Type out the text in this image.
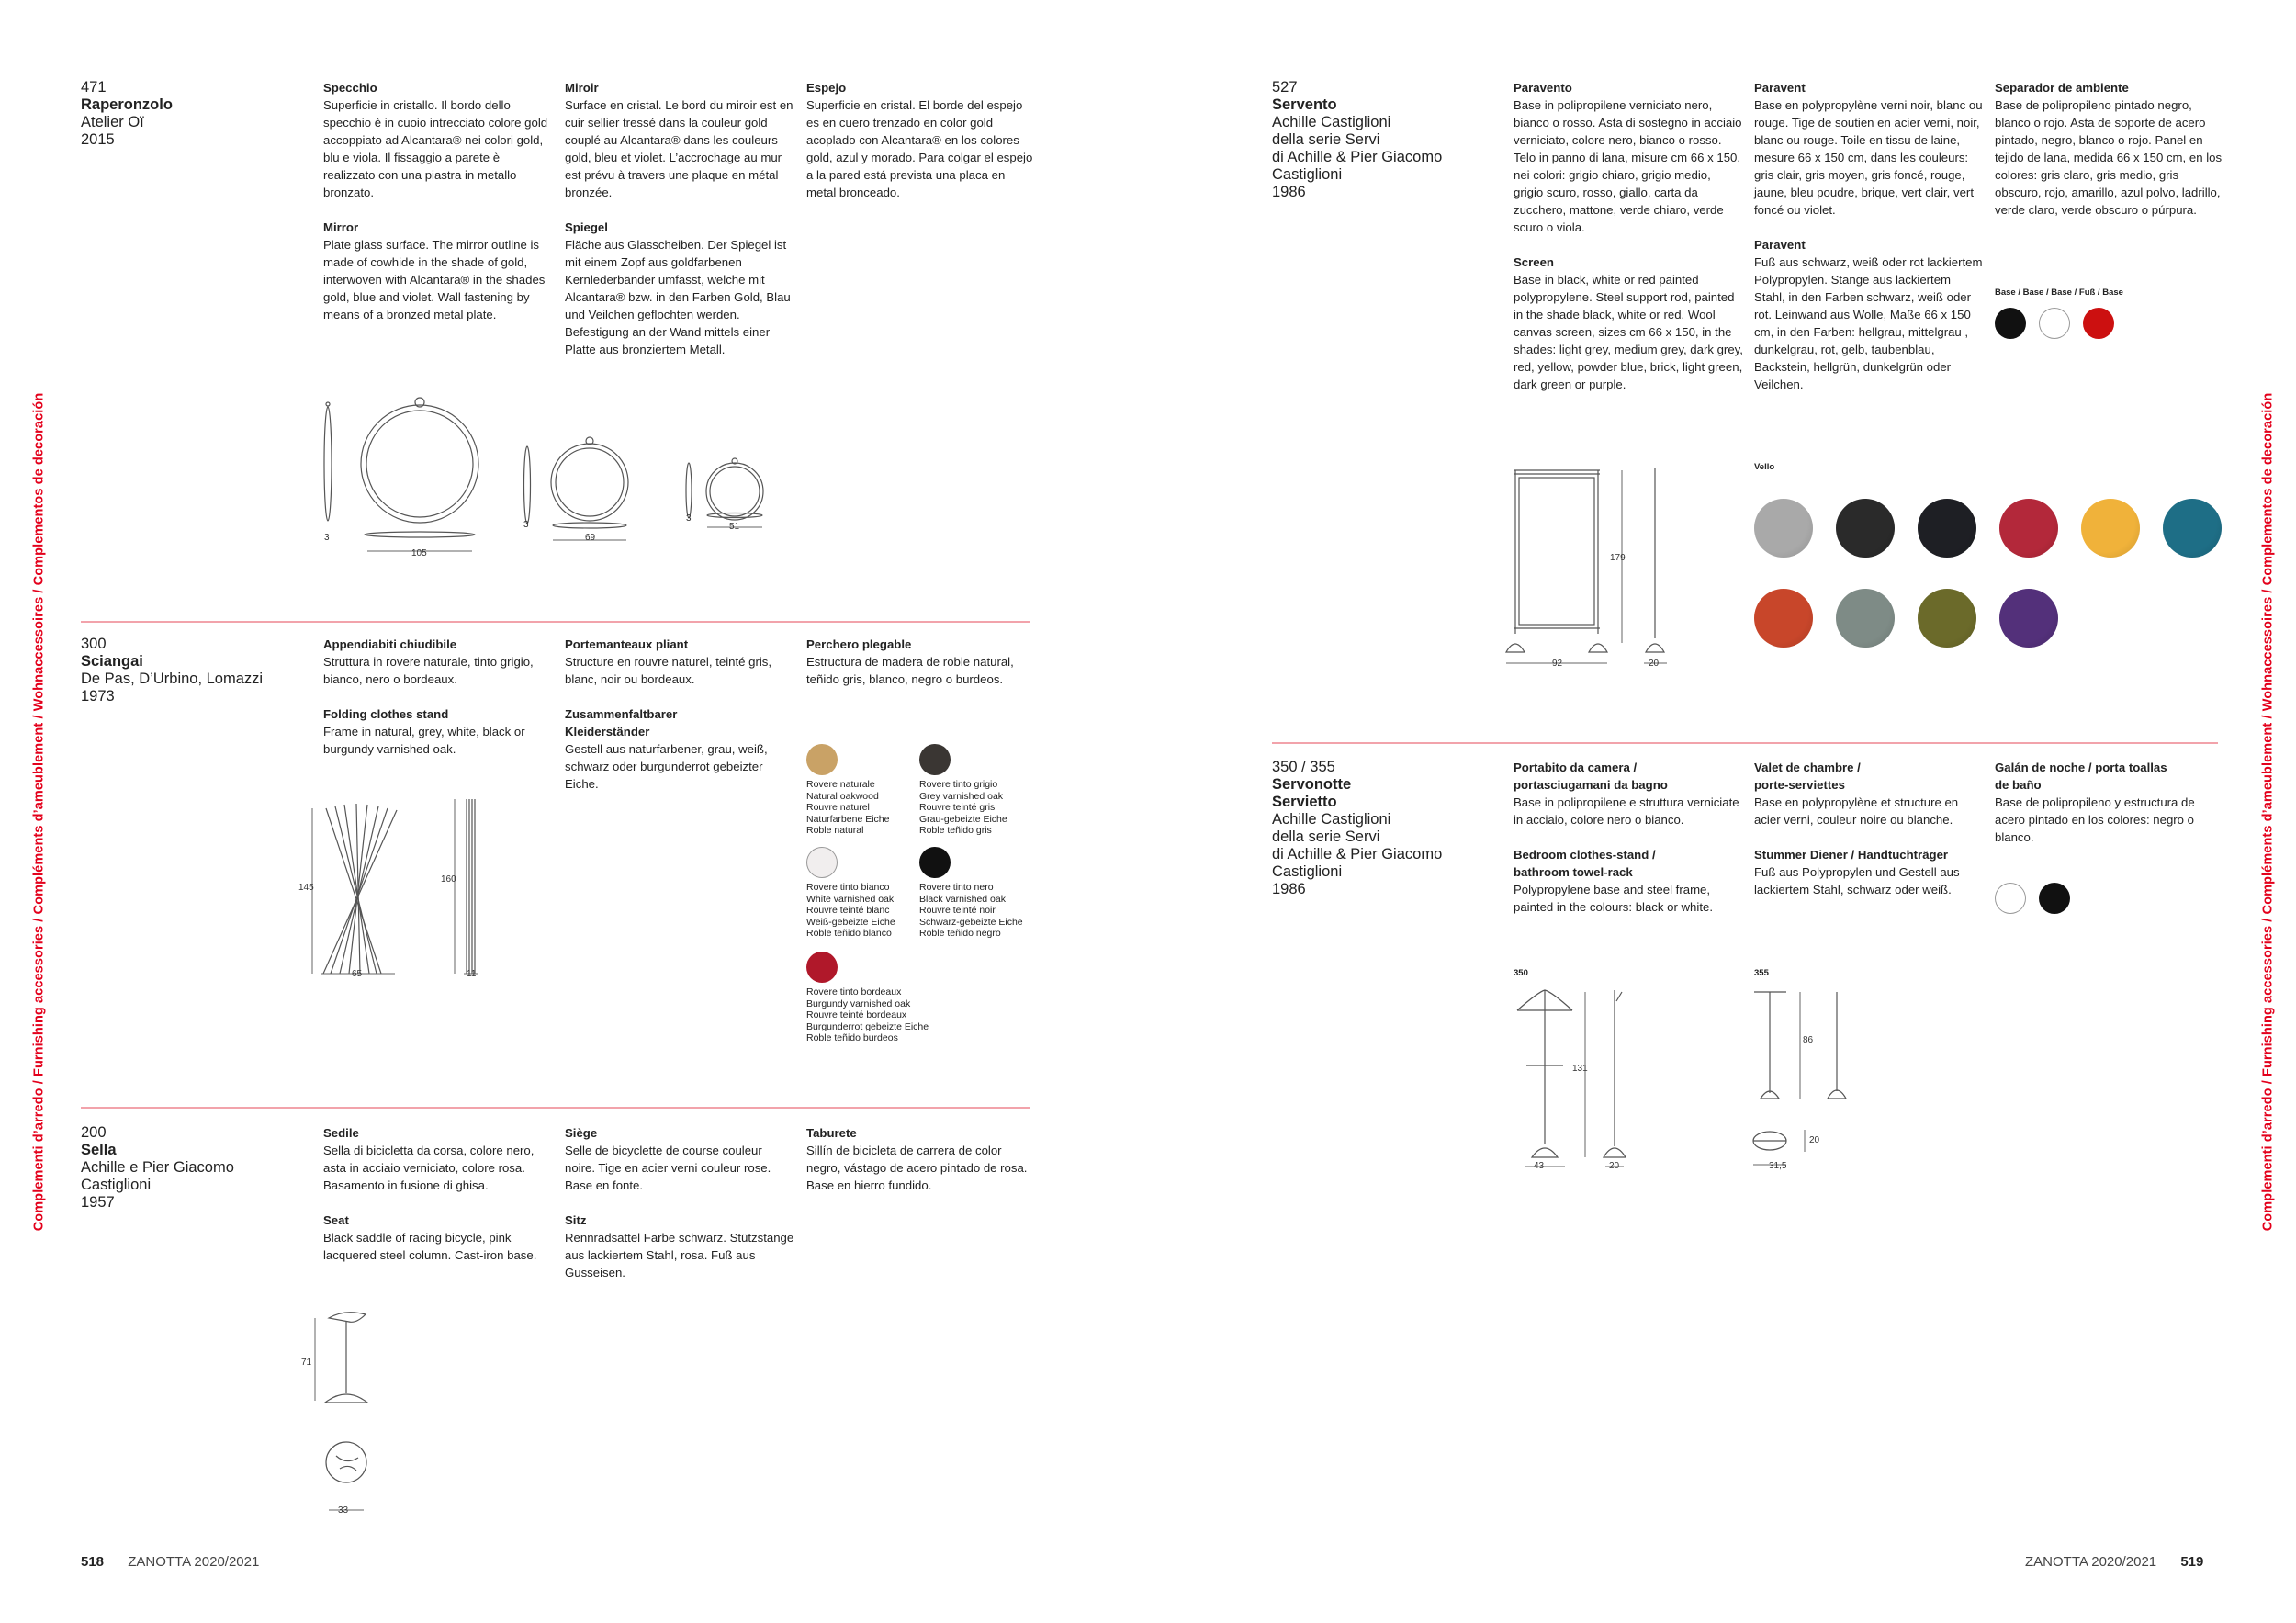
Complementi d’arredo / Furnishing accessories / Compléments d’ameublement / Wohnaccessoires / Complementos de decoración	Complementi d’arredo / Furnishing accessories / Compléments d’ameublement / Wohnaccessoires / Complementos de decoración
471
Raperonzolo
Atelier Oï
2015
Specchio

Superficie in cristallo. Il bordo dello specchio è in cuoio intrecciato colore gold accoppiato ad Alcantara® nei colori gold, blu e viola. Il fissaggio a parete è realizzato con una piastra in metallo bronzato.

Mirror

Plate glass surface. The mirror outline is made of cowhide in the shade of gold, interwoven with Alcantara® in the shades gold, blue and violet. Wall fastening by means of a bronzed metal plate.

Miroir

Surface en cristal. Le bord du miroir est en cuir sellier tressé dans la couleur gold couplé au Alcantara® dans les couleurs gold, bleu et violet. L’accrochage au mur est prévu à travers une plaque en métal bronzée.

Spiegel

Fläche aus Glasscheiben. Der Spiegel ist mit einem Zopf aus goldfarbenen Kernlederbänder umfasst, welche mit Alcantara® bzw. in den Farben Gold, Blau und Veilchen geflochten werden. Befestigung an der Wand mittels einer Platte aus bronziertem Metall.

Espejo

Superficie en cristal. El borde del espejo es en cuero trenzado en color gold acoplado con Alcantara® en los colores gold, azul y morado. Para colgar el espejo a la pared está prevista una placa en metal bronceado.

3
105
3
69
3
51
300
Sciangai
De Pas, D’Urbino, Lomazzi
1973
Appendiabiti chiudibile

Struttura in rovere naturale, tinto grigio, bianco, nero o bordeaux.

Folding clothes stand

Frame in natural, grey, white, black or burgundy varnished oak.

Portemanteaux pliant

Structure en rouvre naturel, teinté gris, blanc, noir ou bordeaux.

Zusammenfaltbarer
Kleiderständer

Gestell aus naturfarbener, grau, weiß, schwarz oder burgunderrot gebeizter Eiche.

Perchero plegable

Estructura de madera de roble natural, teñido gris, blanco, negro o burdeos.

145
65
160
11
Rovere naturale
Natural oakwood
Rouvre naturel
Naturfarbene Eiche
Roble natural
Rovere tinto grigio
Grey varnished oak
Rouvre teinté gris
Grau-gebeizte Eiche
Roble teñido gris
Rovere tinto bianco
White varnished oak
Rouvre teinté blanc
Weiß-gebeizte Eiche
Roble teñido blanco
Rovere tinto nero
Black varnished oak
Rouvre teinté noir
Schwarz-gebeizte Eiche
Roble teñido negro
Rovere tinto bordeaux
Burgundy varnished oak
Rouvre teinté bordeaux
Burgunderrot gebeizte Eiche
Roble teñido burdeos
200
Sella
Achille e Pier Giacomo
Castiglioni
1957
Sedile

Sella di bicicletta da corsa, colore nero, asta in acciaio verniciato, colore rosa. Basamento in fusione di ghisa.

Seat

Black saddle of racing bicycle, pink lacquered steel column. Cast-iron base.

Siège

Selle de bicyclette de course couleur noire. Tige en acier verni couleur rose. Base en fonte.

Sitz

Rennradsattel Farbe schwarz. Stützstange aus lackiertem Stahl, rosa. Fuß aus Gusseisen.

Taburete

Sillín de bicicleta de carrera de color negro, vástago de acero pintado de rosa. Base en hierro fundido.

71
33
518 ZANOTTA 2020/2021
527
Servento
Achille Castiglioni
della serie Servi
di Achille & Pier Giacomo
Castiglioni
1986
Paravento

Base in polipropilene verniciato nero, bianco o rosso. Asta di sostegno in acciaio verniciato, colore nero, bianco o rosso. Telo in panno di lana, misure cm 66 x 150, nei colori: grigio chiaro, grigio medio, grigio scuro, rosso, giallo, carta da zucchero, mattone, verde chiaro, verde scuro o viola.

Screen

Base in black, white or red painted polypropylene. Steel support rod, painted in the shade black, white or red. Wool canvas screen, sizes cm 66 x 150, in the shades: light grey, medium grey, dark grey, red, yellow, powder blue, brick, light green, dark green or purple.

Paravent

Base en polypropylène verni noir, blanc ou rouge. Tige de soutien en acier verni, noir, blanc ou rouge. Toile en tissu de laine, mesure 66 x 150 cm, dans les couleurs: gris clair, gris moyen, gris foncé, rouge, jaune, bleu poudre, brique, vert clair, vert foncé ou violet.

Paravent

Fuß aus schwarz, weiß oder rot lackiertem Polypropylen. Stange aus lackiertem Stahl, in den Farben schwarz, weiß oder rot. Leinwand aus Wolle, Maße 66 x 150 cm, in den Farben: hellgrau, mittelgrau , dunkelgrau, rot, gelb, taubenblau, Backstein, hellgrün, dunkelgrün oder Veilchen.

Separador de ambiente

Base de polipropileno pintado negro, blanco o rojo. Asta de soporte de acero pintado, negro, blanco o rojo. Panel en tejido de lana, medida 66 x 150 cm, en los colores: gris claro, gris medio, gris obscuro, rojo, amarillo, azul polvo, ladrillo, verde claro, verde obscuro o púrpura.

Base / Base / Base / Fuß / Base
Vello
179
92	20
350 / 355
Servonotte
Servietto
Achille Castiglioni
della serie Servi
di Achille & Pier Giacomo
Castiglioni
1986
Portabito da camera /
portasciugamani da bagno

Base in polipropilene e struttura verniciate in acciaio, colore nero o bianco.

Bedroom clothes-stand /
bathroom towel-rack

Polypropylene base and steel frame, painted in the colours: black or white.

Valet de chambre /
porte-serviettes

Base en polypropylène et structure en acier verni, couleur noire ou blanche.

Stummer Diener / Handtuchträger

Fuß aus Polypropylen und Gestell aus lackiertem Stahl, schwarz oder weiß.

Galán de noche / porta toallas
de baño

Base de polipropileno y estructura de acero pintado en los colores: negro o blanco.

350	355
131
43	20
86
20
31,5
ZANOTTA 2020/2021 519
